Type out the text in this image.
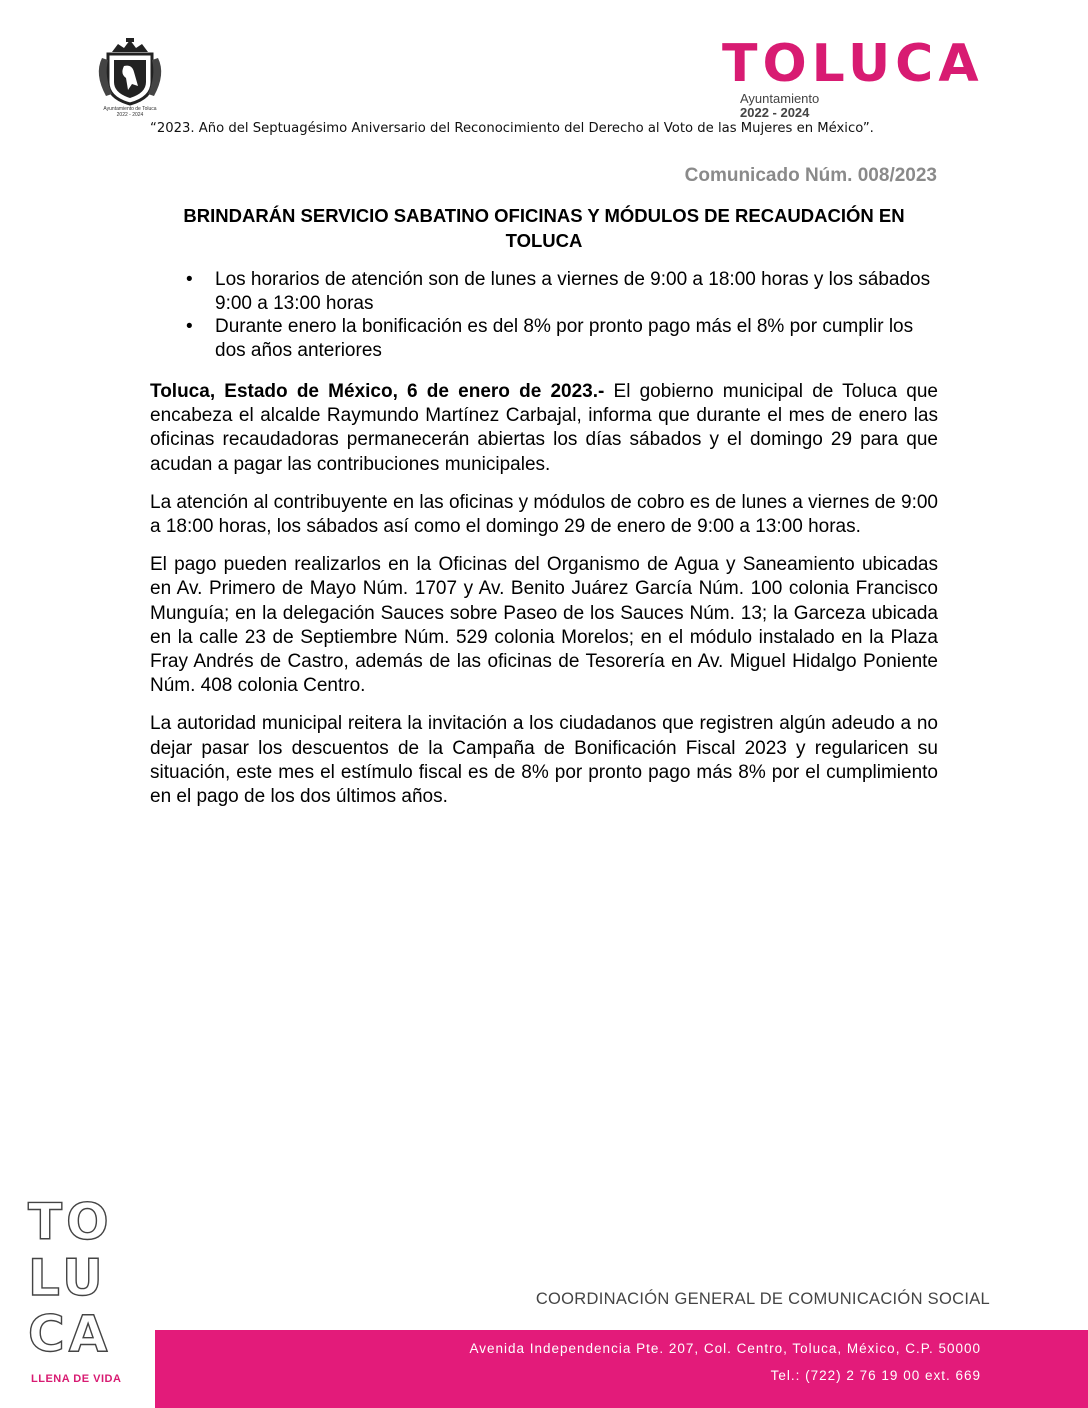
Ayuntamiento de Toluca
2022 - 2024
TOLUCA
Ayuntamiento
2022 - 2024
“2023. Año del Septuagésimo Aniversario del Reconocimiento del Derecho al Voto de las Mujeres en México”.
Comunicado Núm. 008/2023
BRINDARÁN SERVICIO SABATINO OFICINAS Y MÓDULOS DE RECAUDACIÓN EN TOLUCA
• Los horarios de atención son de lunes a viernes de 9:00 a 18:00 horas y los sábados 9:00 a 13:00 horas
• Durante enero la bonificación es del 8% por pronto pago más el 8% por cumplir los dos años anteriores

Toluca, Estado de México, 6 de enero de 2023.- El gobierno municipal de Toluca que encabeza el alcalde Raymundo Martínez Carbajal, informa que durante el mes de enero las oficinas recaudadoras permanecerán abiertas los días sábados y el domingo 29 para que acudan a pagar las contribuciones municipales.

La atención al contribuyente en las oficinas y módulos de cobro es de lunes a viernes de 9:00 a 18:00 horas, los sábados así como el domingo 29 de enero de 9:00 a 13:00 horas.

El pago pueden realizarlos en la Oficinas del Organismo de Agua y Saneamiento ubicadas en Av. Primero de Mayo Núm. 1707 y Av. Benito Juárez García Núm. 100 colonia Francisco Munguía; en la delegación Sauces sobre Paseo de los Sauces Núm. 13; la Garceza ubicada en la calle 23 de Septiembre Núm. 529 colonia Morelos; en el módulo instalado en la Plaza Fray Andrés de Castro, además de las oficinas de Tesorería en Av. Miguel Hidalgo Poniente Núm. 408 colonia Centro.

La autoridad municipal reitera la invitación a los ciudadanos que registren algún adeudo a no dejar pasar los descuentos de la Campaña de Bonificación Fiscal 2023 y regularicen su situación, este mes el estímulo fiscal es de 8% por pronto pago más 8% por el cumplimiento en el pago de los dos últimos años.

TO
LU
CA
LLENA DE VIDA
COORDINACIÓN GENERAL DE COMUNICACIÓN SOCIAL
Avenida Independencia Pte. 207, Col. Centro, Toluca, México, C.P. 50000
Tel.: (722) 2 76 19 00 ext. 669
